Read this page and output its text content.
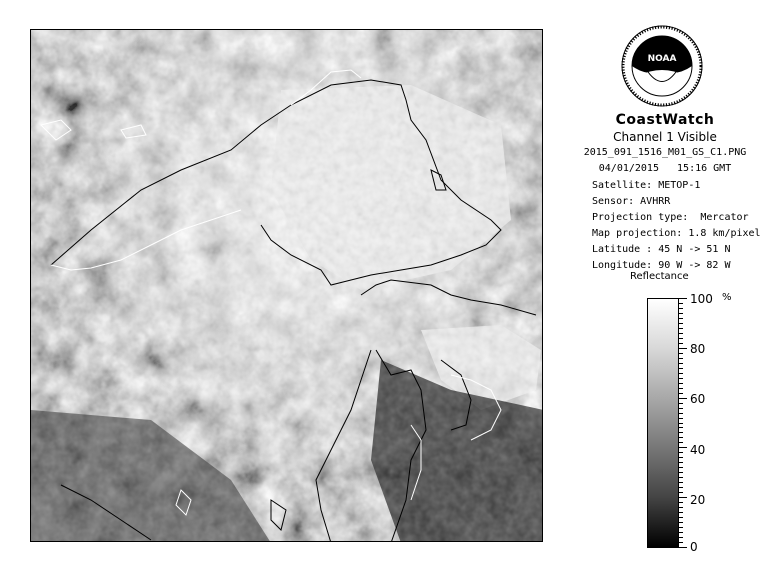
NOAA
CoastWatch
Channel 1 Visible
2015_091_1516_M01_GS_C1.PNG
04/01/2015   15:16 GMT
Satellite: METOP-1
Sensor: AVHRR
Projection type:  Mercator
Map projection: 1.8 km/pixel
Latitude : 45 N -> 51 N
Longitude: 90 W -> 82 W
Reflectance
%
100
80
60
40
20
0
